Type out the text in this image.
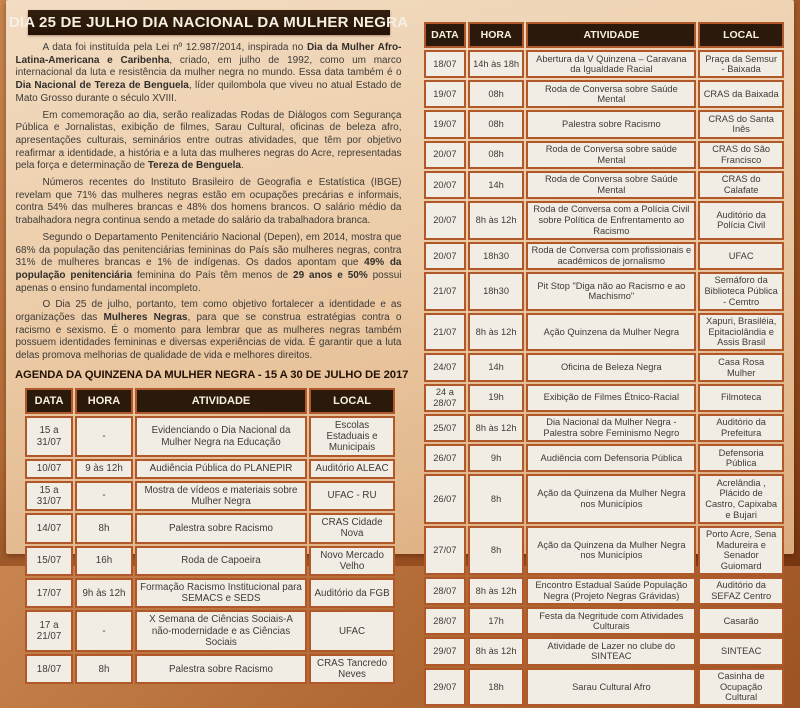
DIA 25 DE JULHO DIA NACIONAL DA MULHER NEGRA

A data foi instituída pela Lei nº 12.987/2014, inspirada no Dia da Mulher Afro-Latina-Americana e Caribenha, criado, em julho de 1992, como um marco internacional da luta e resistência da mulher negra no mundo. Essa data também é o Dia Nacional de Tereza de Benguela, líder quilombola que viveu no atual Estado de Mato Grosso durante o século XVIII.

Em comemoração ao dia, serão realizadas Rodas de Diálogos com Segurança Pública e Jornalistas, exibição de filmes, Sarau Cultural, oficinas de beleza afro, apresentações culturais, seminários entre outras atividades, que têm por objetivo reafirmar a identidade, a história e a luta das mulheres negras do Acre, representadas pela força e determinação de Tereza de Benguela.

Números recentes do Instituto Brasileiro de Geografia e Estatística (IBGE) revelam que 71% das mulheres negras estão em ocupações precárias e informais, contra 54% das mulheres brancas e 48% dos homens brancos. O salário médio da trabalhadora negra continua sendo a metade do salário da trabalhadora branca.

Segundo o Departamento Penitenciário Nacional (Depen), em 2014, mostra que 68% da população das penitenciárias femininas do País são mulheres negras, contra 31% de mulheres brancas e 1% de indígenas. Os dados apontam que 49% da população penitenciária feminina do País têm menos de 29 anos e 50% possui apenas o ensino fundamental incompleto.

O Dia 25 de julho, portanto, tem como objetivo fortalecer a identidade e as organizações das Mulheres Negras, para que se construa estratégias contra o racismo e sexismo. É o momento para lembrar que as mulheres negras também possuem identidades femininas e diversas experiências de vida. É garantir que a luta delas promova melhorias de qualidade de vida e melhores direitos.

AGENDA DA QUINZENA DA MULHER NEGRA - 15 A 30 DE JULHO DE 2017
DATA	HORA	ATIVIDADE	LOCAL
15 a 31/07	-	Evidenciando o Dia Nacional da Mulher Negra na Educação	Escolas Estaduais e Municipais
10/07	9 às 12h	Audiência Pública do PLANEPIR	Auditório ALEAC
15 a 31/07	-	Mostra de vídeos e materiais sobre Mulher Negra	UFAC - RU
14/07	8h	Palestra sobre Racismo	CRAS Cidade Nova
15/07	16h	Roda de Capoeira	Novo Mercado Velho
17/07	9h às 12h	Formação Racismo Institucional para SEMACS e SEDS	Auditório da FGB
17 a 21/07	-	X Semana de Ciências Sociais-A não-modernidade e as Ciências Sociais	UFAC
18/07	8h	Palestra sobre Racismo	CRAS Tancredo Neves
DATA	HORA	ATIVIDADE	LOCAL
18/07	14h às 18h	Abertura da V Quinzena – Caravana da Igualdade Racial	Praça da Semsur - Baixada
19/07	08h	Roda de Conversa sobre Saúde Mental	CRAS da Baixada
19/07	08h	Palestra sobre Racismo	CRAS do Santa Inês
20/07	08h	Roda de Conversa sobre saúde Mental	CRAS do São Francisco
20/07	14h	Roda de Conversa sobre Saúde Mental	CRAS do Calafate
20/07	8h às 12h	Roda de Conversa com a Polícia Civil sobre Política de Enfrentamento ao Racismo	Auditório da Polícia Civil
20/07	18h30	Roda de Conversa com profissionais e acadêmicos de jornalismo	UFAC
21/07	18h30	Pit Stop "Diga não ao Racismo e ao Machismo"	Semáforo da Biblioteca Pública - Cemtro
21/07	8h às 12h	Ação Quinzena da Mulher Negra	Xapuri, Brasiléia, Epitaciolândia e Assis Brasil
24/07	14h	Oficina de Beleza Negra	Casa Rosa Mulher
24 a 28/07	19h	Exibição de Filmes Étnico-Racial	Filmoteca
25/07	8h às 12h	Dia Nacional da Mulher Negra - Palestra sobre Feminismo Negro	Auditório da Prefeitura
26/07	9h	Audiência com Defensoria Pública	Defensoria Pública
26/07	8h	Ação da Quinzena da Mulher Negra nos Municípios	Acrelândia , Plácido de Castro, Capixaba e Bujari
27/07	8h	Ação da Quinzena da Mulher Negra nos Municípios	Porto Acre, Sena Madureira e Senador Guiomard
28/07	8h às 12h	Encontro Estadual Saúde População Negra (Projeto Negras Grávidas)	Auditório da SEFAZ Centro
28/07	17h	Festa da Negritude com Atividades Culturais	Casarão
29/07	8h às 12h	Atividade de Lazer no clube do SINTEAC	SINTEAC
29/07	18h	Sarau Cultural Afro	Casinha de Ocupação Cultural
